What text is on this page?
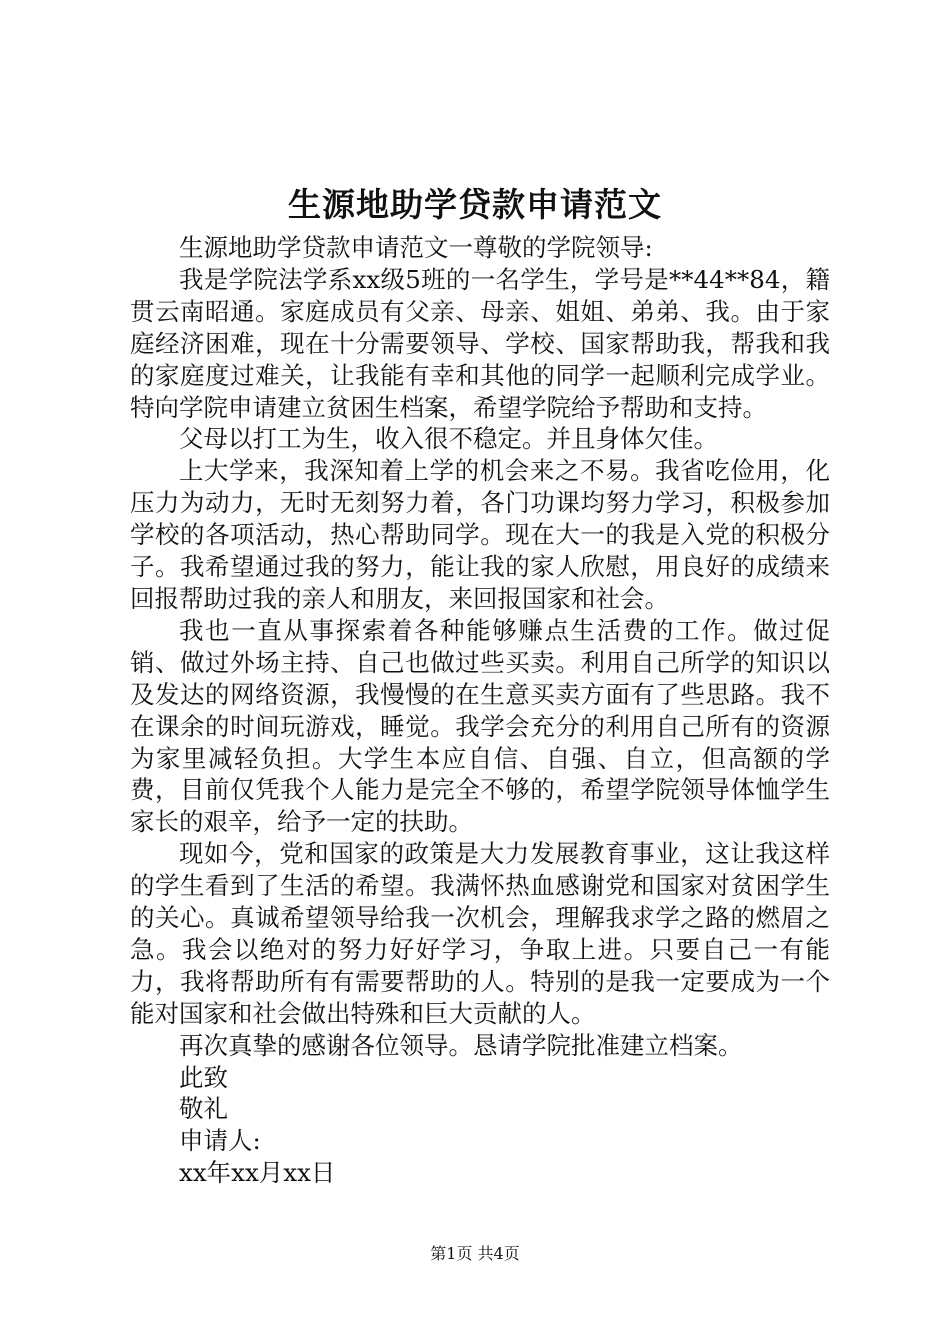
生源地助学贷款申请范文

生源地助学贷款申请范文一尊敬的学院领导:

我是学院法学系xx级5班的一名学生，学号是**44**84，籍贯云南昭通。家庭成员有父亲、母亲、姐姐、弟弟、我。由于家庭经济困难，现在十分需要领导、学校、国家帮助我，帮我和我的家庭度过难关，让我能有幸和其他的同学一起顺利完成学业。特向学院申请建立贫困生档案，希望学院给予帮助和支持。

父母以打工为生，收入很不稳定。并且身体欠佳。

上大学来，我深知着上学的机会来之不易。我省吃俭用，化压力为动力，无时无刻努力着，各门功课均努力学习，积极参加学校的各项活动，热心帮助同学。现在大一的我是入党的积极分子。我希望通过我的努力，能让我的家人欣慰，用良好的成绩来回报帮助过我的亲人和朋友，来回报国家和社会。

我也一直从事探索着各种能够赚点生活费的工作。做过促销、做过外场主持、自己也做过些买卖。利用自己所学的知识以及发达的网络资源，我慢慢的在生意买卖方面有了些思路。我不在课余的时间玩游戏，睡觉。我学会充分的利用自己所有的资源为家里减轻负担。大学生本应自信、自强、自立，但高额的学费，目前仅凭我个人能力是完全不够的，希望学院领导体恤学生家长的艰辛，给予一定的扶助。

现如今，党和国家的政策是大力发展教育事业，这让我这样的学生看到了生活的希望。我满怀热血感谢党和国家对贫困学生的关心。真诚希望领导给我一次机会，理解我求学之路的燃眉之急。我会以绝对的努力好好学习，争取上进。只要自己一有能力，我将帮助所有有需要帮助的人。特别的是我一定要成为一个能对国家和社会做出特殊和巨大贡献的人。

再次真挚的感谢各位领导。恳请学院批准建立档案。

此致

敬礼

申请人:

xx年xx月xx日

第1页 共4页
